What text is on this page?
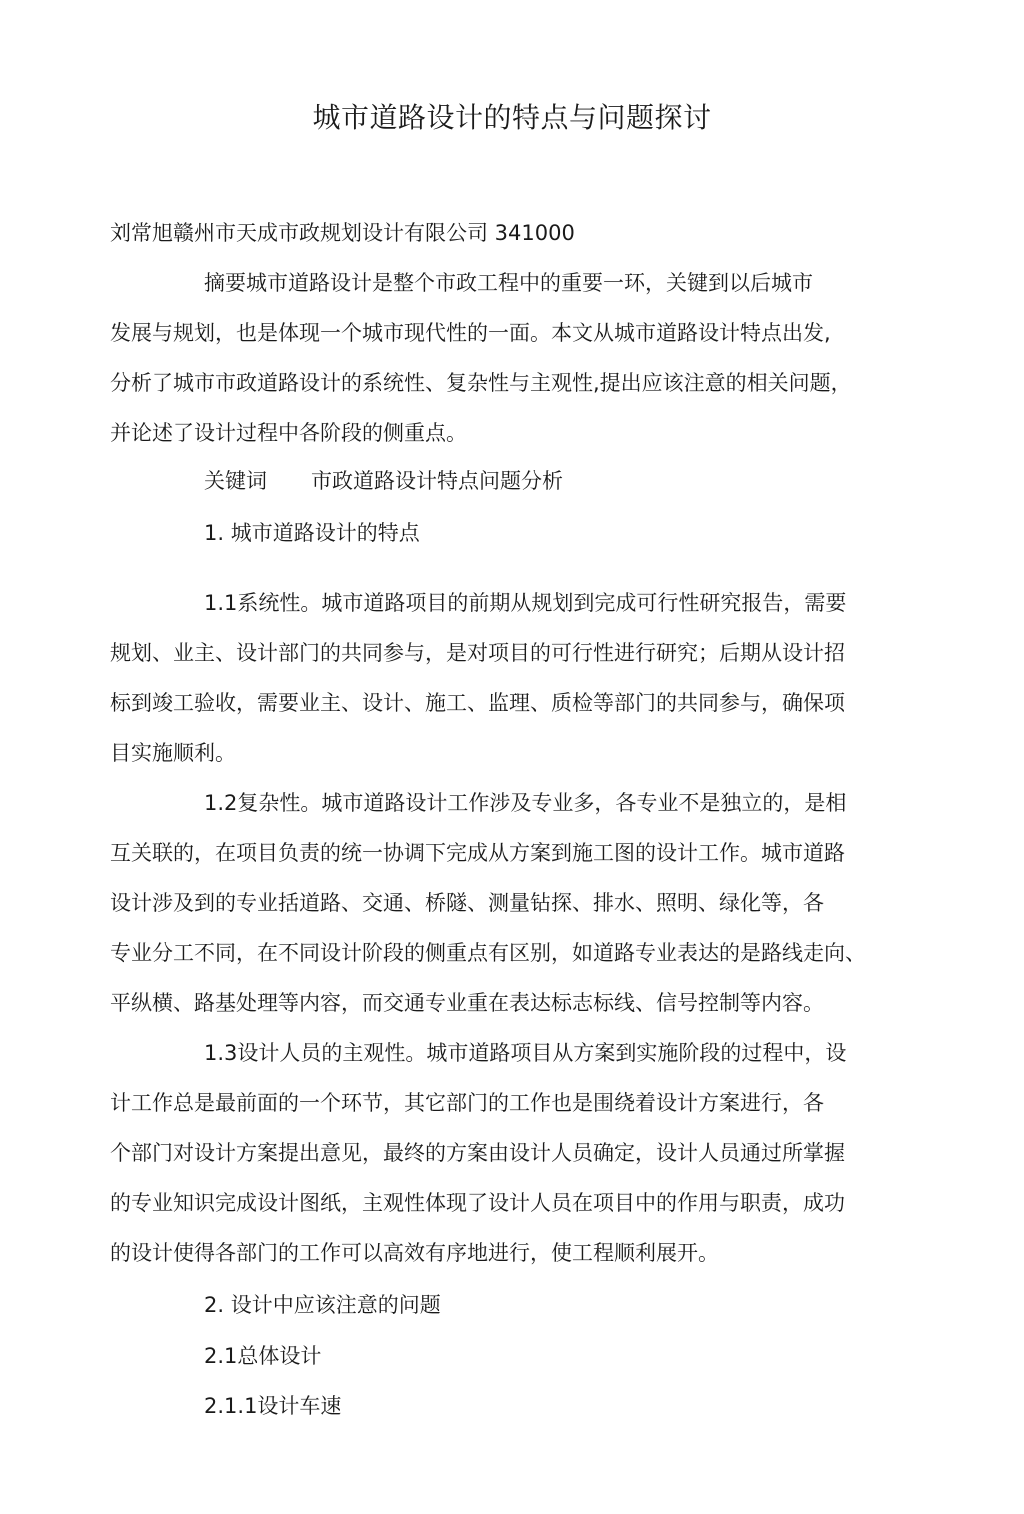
城市道路设计的特点与问题探讨
刘常旭赣州市天成市政规划设计有限公司 341000
摘要城市道路设计是整个市政工程中的重要一环，关键到以后城市
发展与规划，也是体现一个城市现代性的一面。本文从城市道路设计特点出发,
分析了城市市政道路设计的系统性、复杂性与主观性,提出应该注意的相关问题，
并论述了设计过程中各阶段的侧重点。
关键词 市政道路设计特点问题分析
1. 城市道路设计的特点
1.1系统性。城市道路项目的前期从规划到完成可行性研究报告，需要
规划、业主、设计部门的共同参与，是对项目的可行性进行研究；后期从设计招
标到竣工验收，需要业主、设计、施工、监理、质检等部门的共同参与，确保项
目实施顺利。
1.2复杂性。城市道路设计工作涉及专业多，各专业不是独立的，是相
互关联的，在项目负责的统一协调下完成从方案到施工图的设计工作。城市道路
设计涉及到的专业括道路、交通、桥隧、测量钻探、排水、照明、绿化等，各
专业分工不同，在不同设计阶段的侧重点有区别，如道路专业表达的是路线走向、
平纵横、路基处理等内容，而交通专业重在表达标志标线、信号控制等内容。
1.3设计人员的主观性。城市道路项目从方案到实施阶段的过程中，设
计工作总是最前面的一个环节，其它部门的工作也是围绕着设计方案进行，各
个部门对设计方案提出意见，最终的方案由设计人员确定，设计人员通过所掌握
的专业知识完成设计图纸，主观性体现了设计人员在项目中的作用与职责，成功
的设计使得各部门的工作可以高效有序地进行，使工程顺利展开。
2. 设计中应该注意的问题
2.1总体设计
2.1.1设计车速
